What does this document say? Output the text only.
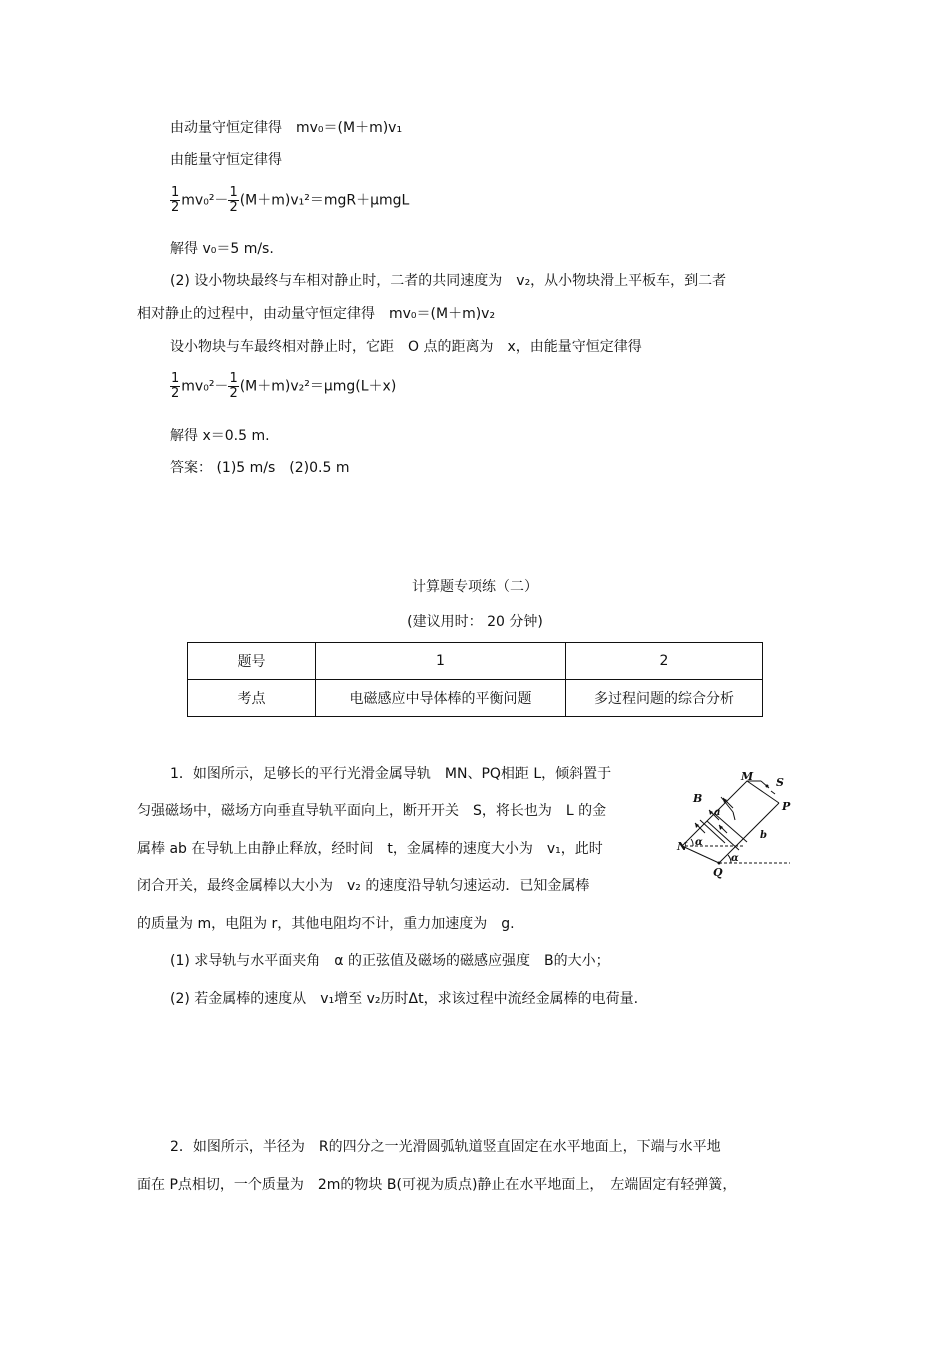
由动量守恒定律得　mv₀＝(M＋m)v₁
由能量守恒定律得
$\frac{1}{2} mv_0^2- \frac{1}{2} (M+m)v_1^2=mgR+\mu mgL$
解得 v₀＝5 m/s.
(2) 设小物块最终与车相对静止时，二者的共同速度为　v₂，从小物块滑上平板车，到二者
相对静止的过程中，由动量守恒定律得　mv₀＝(M＋m)v₂
设小物块与车最终相对静止时，它距　O 点的距离为　x，由能量守恒定律得
$\frac{1}{2} mv_0^2- \frac{1}{2} (M+m)v_2^2=\mu mg(L+x)$
解得 x＝0.5 m.
答案： (1)5 m/s　(2)0.5 m
计算题专项练（二）
(建议用时： 20 分钟)
题号	1	2
考点	电磁感应中导体棒的平衡问题	多过程问题的综合分析
1．如图所示，足够长的平行光滑金属导轨　MN、PQ相距 L，倾斜置于
匀强磁场中，磁场方向垂直导轨平面向上，断开开关　S，将长也为　L 的金
属棒 ab 在导轨上由静止释放，经时间　t，金属棒的速度大小为　v₁，此时
闭合开关，最终金属棒以大小为　v₂ 的速度沿导轨匀速运动．已知金属棒
的质量为 m，电阻为 r，其他电阻均不计，重力加速度为　g.
(1) 求导轨与水平面夹角　α 的正弦值及磁场的磁感应强度　B的大小；
(2) 若金属棒的速度从　v₁增至 v₂历时Δt，求该过程中流经金属棒的电荷量.
M S
P
B
a
b
N
Q
α
α
2．如图所示，半径为　R的四分之一光滑圆弧轨道竖直固定在水平地面上，下端与水平地
面在 P点相切，一个质量为　2m的物块 B(可视为质点)静止在水平地面上，　左端固定有轻弹簧，
